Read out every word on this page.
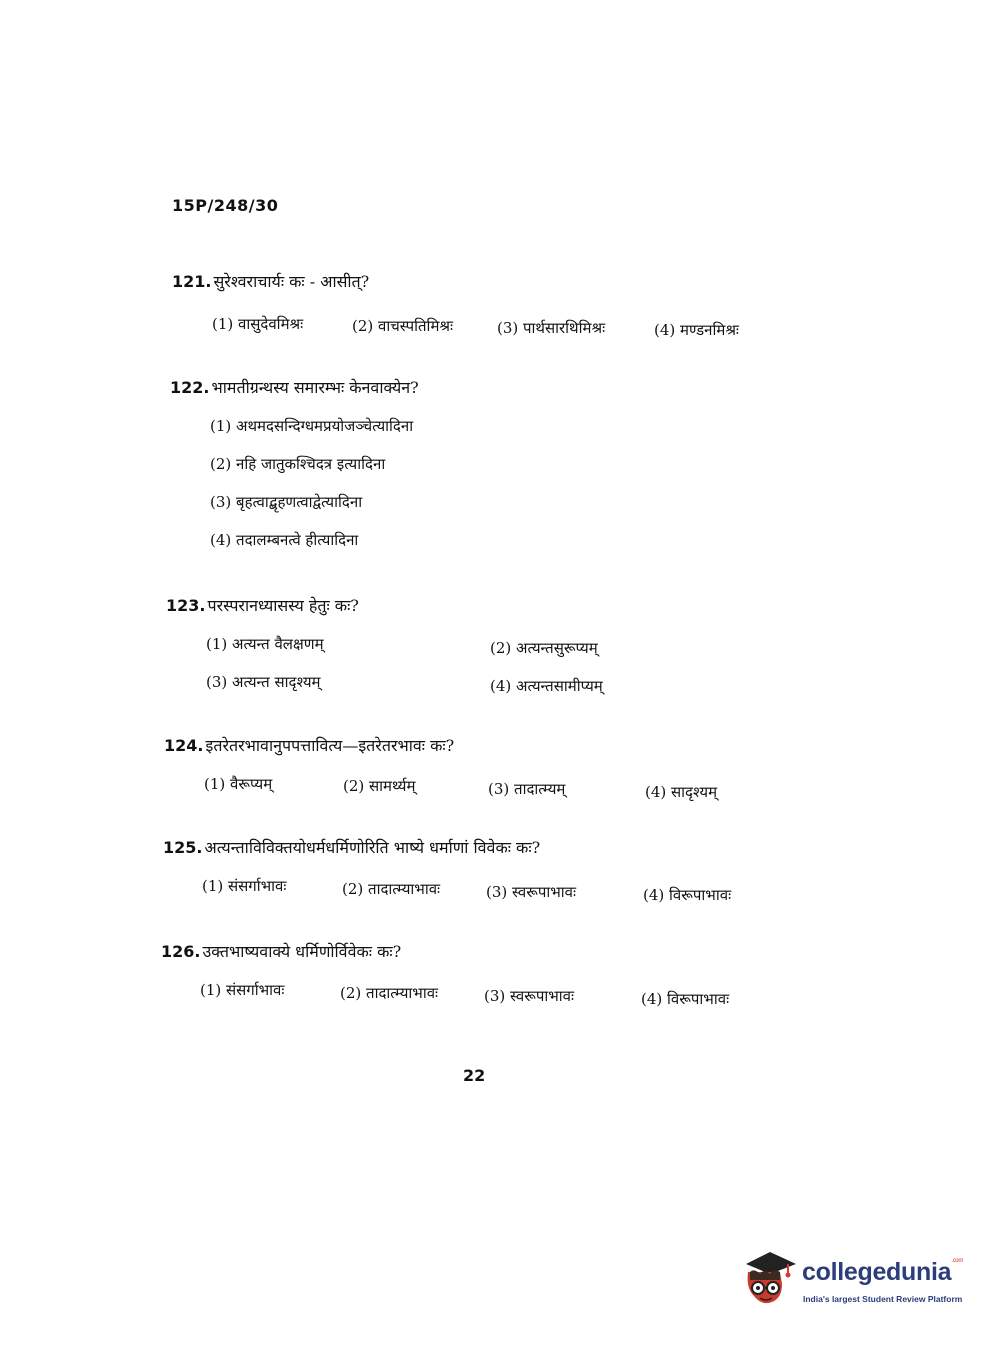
15P/248/30
121. सुरेश्वराचार्यः कः - आसीत्?
(1) वासुदेवमिश्रः	(2) वाचस्पतिमिश्रः	(3) पार्थसारथिमिश्रः	(4) मण्डनमिश्रः
122. भामतीग्रन्थस्य समारम्भः केनवाक्येन?
(1) अथमदसन्दिग्धमप्रयोजञ्चेत्यादिना
(2) नहि जातुकश्चिदत्र इत्यादिना
(3) बृहत्वाद्बृहणत्वाद्वेत्यादिना
(4) तदालम्बनत्वे हीत्यादिना
123. परस्परानध्यासस्य हेतुः कः?
(1) अत्यन्त वैलक्षणम्	(2) अत्यन्तसुरूप्यम्
(3) अत्यन्त सादृश्यम्	(4) अत्यन्तसामीप्यम्
124. इतरेतरभावानुपपत्तावित्य—इतरेतरभावः कः?
(1) वैरूप्यम्	(2) सामर्थ्यम्	(3) तादात्म्यम्	(4) सादृश्यम्
125. अत्यन्ताविविक्तयोधर्मधर्मिणोरिति भाष्ये धर्माणां विवेकः कः?
(1) संसर्गाभावः	(2) तादात्म्याभावः	(3) स्वरूपाभावः	(4) विरूपाभावः
126. उक्तभाष्यवाक्ये धर्मिणोर्विवेकः कः?
(1) संसर्गाभावः	(2) तादात्म्याभावः	(3) स्वरूपाभावः	(4) विरूपाभावः
22
collegedunia$^{.com}$
India's largest Student Review Platform
